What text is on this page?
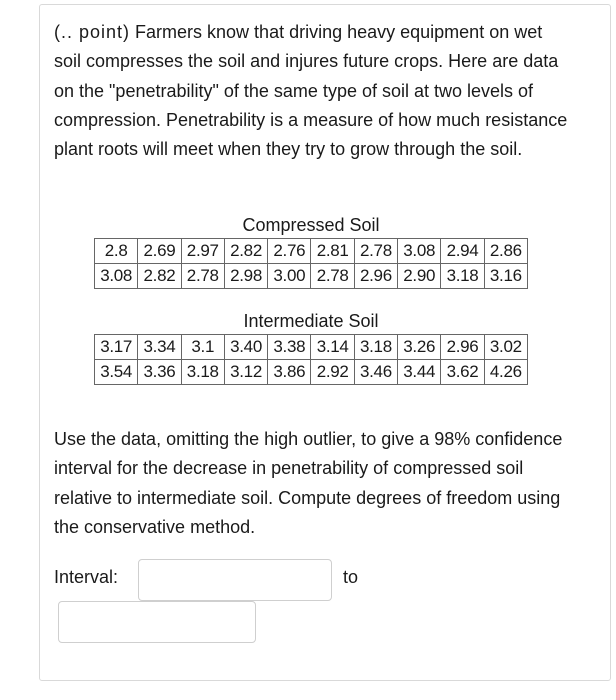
(.. point) Farmers know that driving heavy equipment on wet soil compresses the soil and injures future crops. Here are data on the "penetrability" of the same type of soil at two levels of compression. Penetrability is a measure of how much resistance plant roots will meet when they try to grow through the soil.

Compressed Soil
2.8	2.69	2.97	2.82	2.76	2.81	2.78	3.08	2.94	2.86
3.08	2.82	2.78	2.98	3.00	2.78	2.96	2.90	3.18	3.16
Intermediate Soil
3.17	3.34	3.1	3.40	3.38	3.14	3.18	3.26	2.96	3.02
3.54	3.36	3.18	3.12	3.86	2.92	3.46	3.44	3.62	4.26

Use the data, omitting the high outlier, to give a 98% confidence interval for the decrease in penetrability of compressed soil relative to intermediate soil. Compute degrees of freedom using the conservative method.

Interval:	to
